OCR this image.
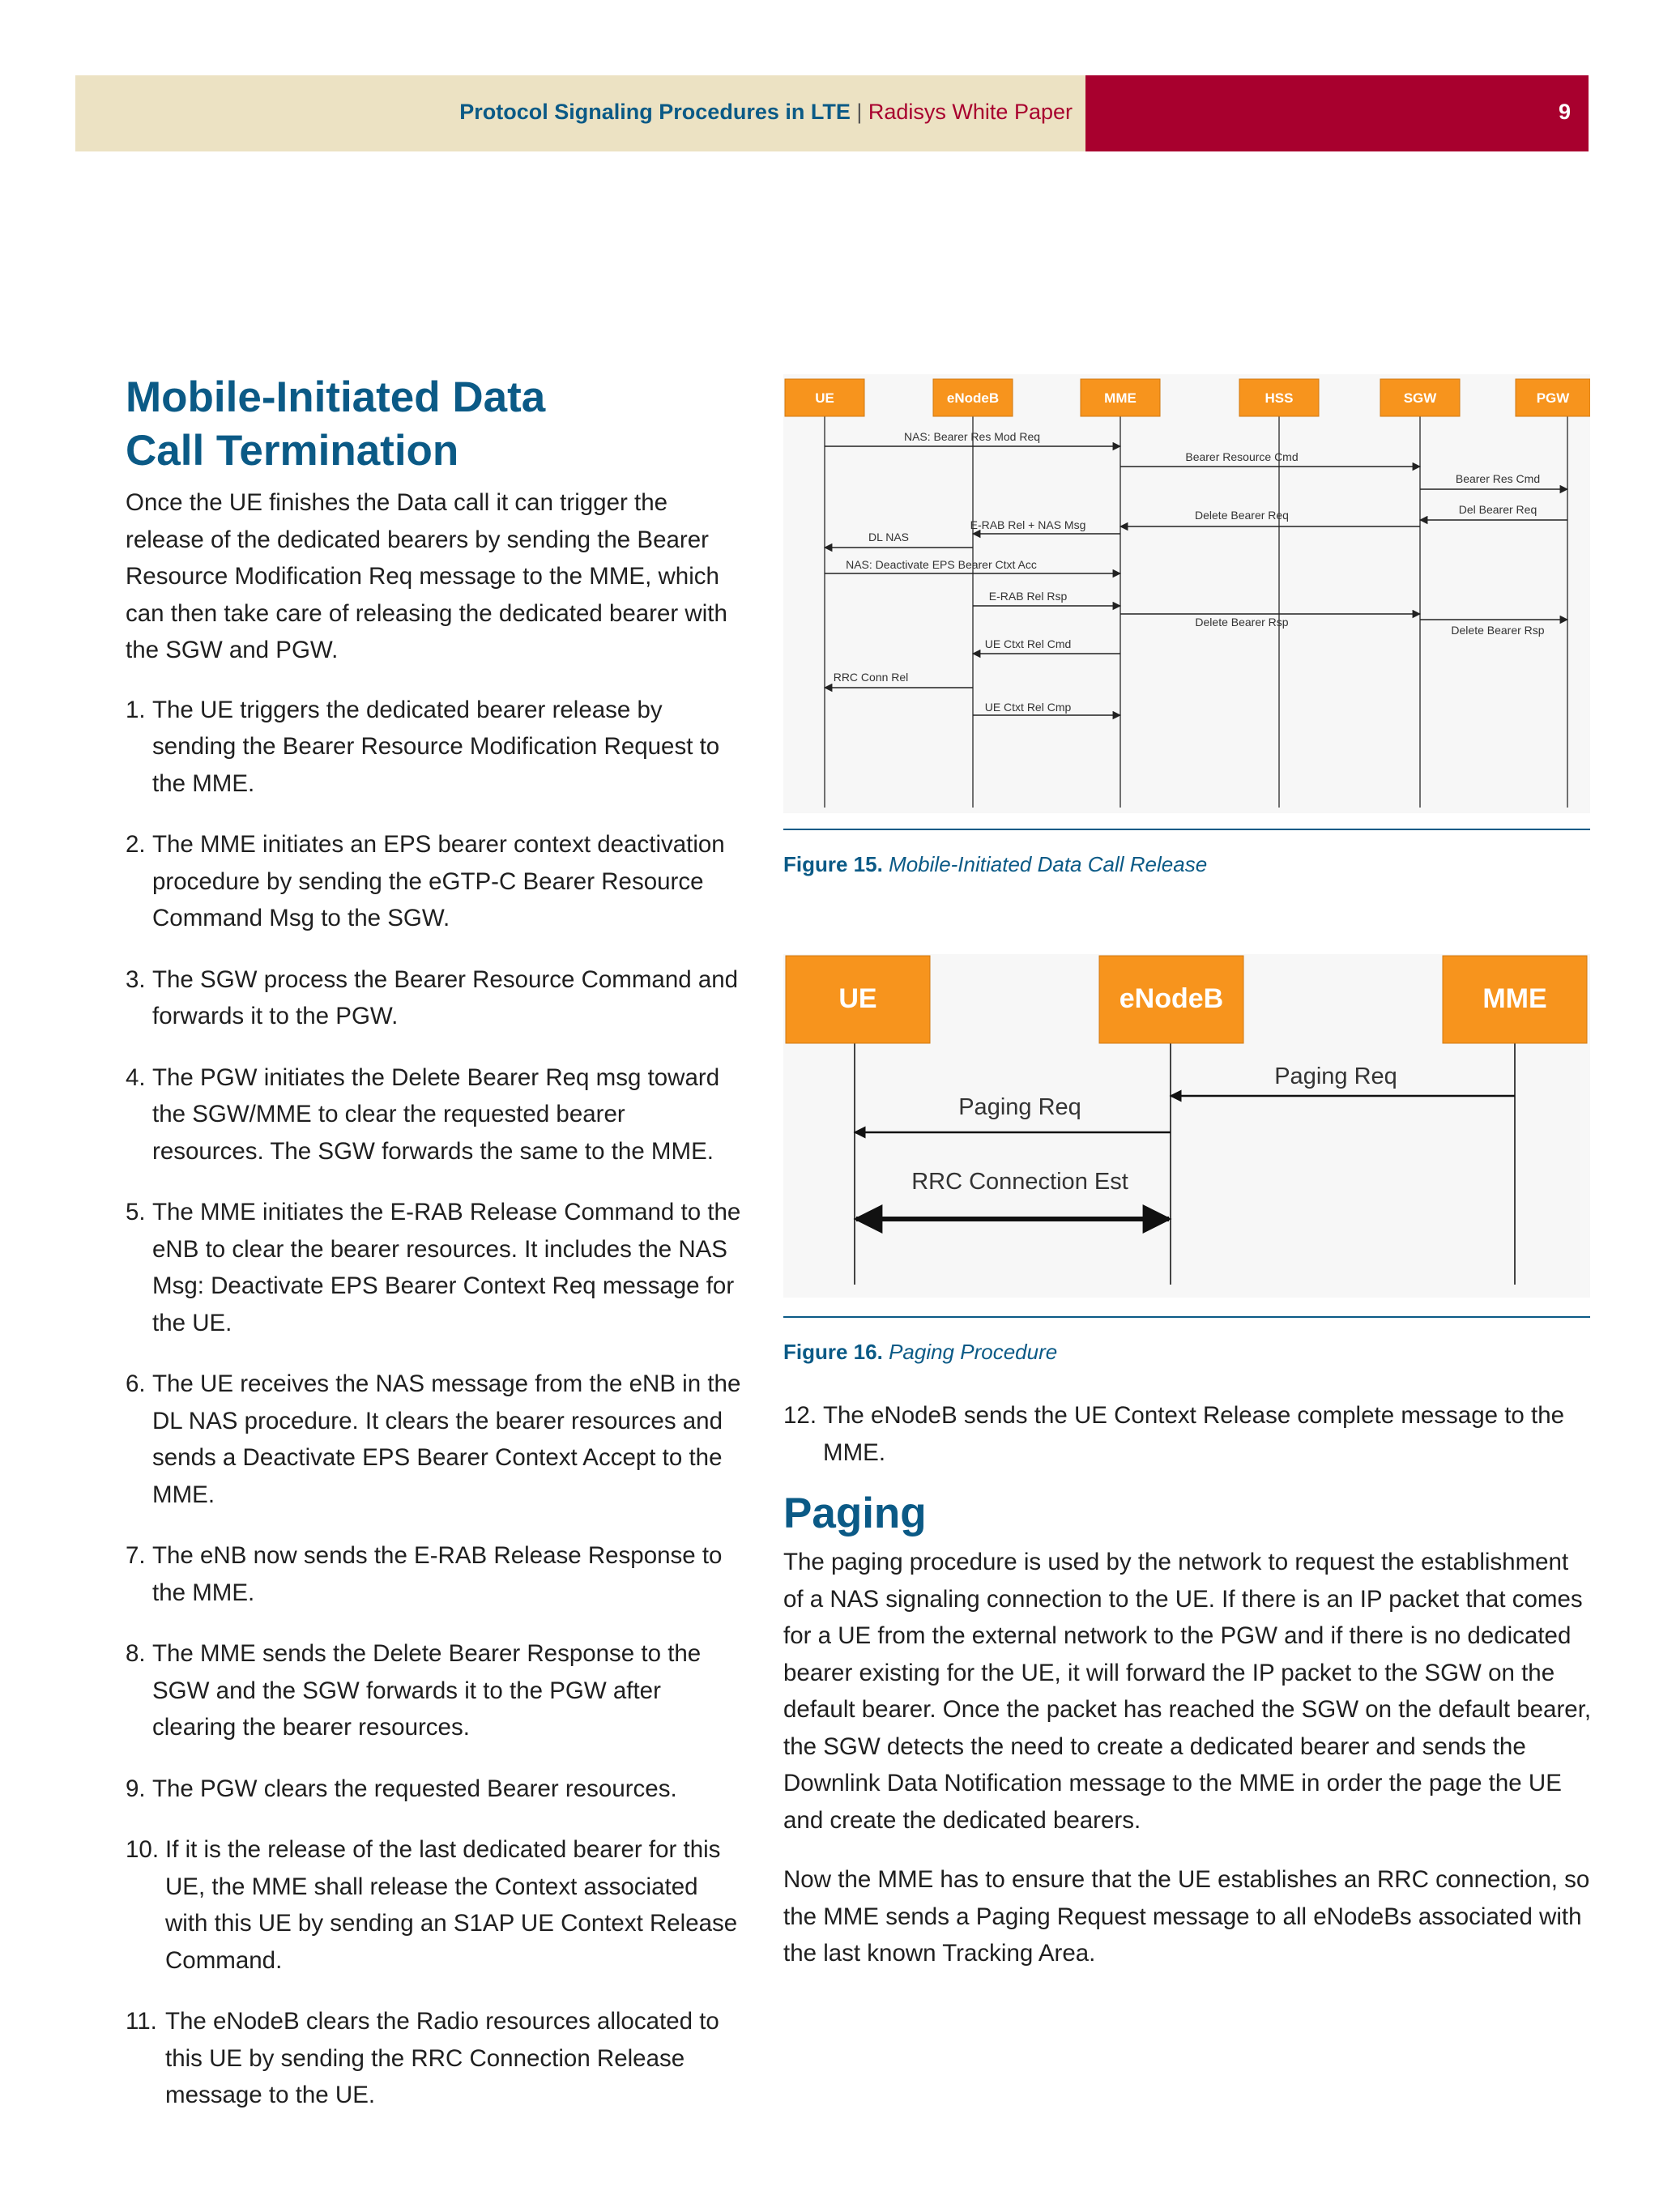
Protocol Signaling Procedures in LTE | Radisys White Paper	9
Mobile-Initiated Data
Call Termination

Once the UE finishes the Data call it can trigger the release of the dedicated bearers by sending the Bearer Resource Modification Req message to the MME, which can then take care of releasing the dedicated bearer with the SGW and PGW.

1. The UE triggers the dedicated bearer release by sending the Bearer Resource Modification Request to the MME.
2. The MME initiates an EPS bearer context deactivation procedure by sending the eGTP-C Bearer Resource Command Msg to the SGW.
3. The SGW process the Bearer Resource Command and forwards it to the PGW.
4. The PGW initiates the Delete Bearer Req msg toward the SGW/MME to clear the requested bearer resources. The SGW forwards the same to the MME.
5. The MME initiates the E-RAB Release Command to the eNB to clear the bearer resources. It includes the NAS Msg: Deactivate EPS Bearer Context Req message for the UE.
6. The UE receives the NAS message from the eNB in the DL NAS procedure. It clears the bearer resources and sends a Deactivate EPS Bearer Context Accept to the MME.
7. The eNB now sends the E-RAB Release Response to the MME.
8. The MME sends the Delete Bearer Response to the SGW and the SGW forwards it to the PGW after clearing the bearer resources.
9. The PGW clears the requested Bearer resources.
10. If it is the release of the last dedicated bearer for this UE, the MME shall release the Context associated with this UE by sending an S1AP UE Context Release Command.
11. The eNodeB clears the Radio resources allocated to this UE by sending the RRC Connection Release message to the UE.
UE	eNodeB	MME	HSS	SGW	PGW
NAS: Bearer Res Mod Req
Bearer Resource Cmd
Bearer Res Cmd
Del Bearer Req
Delete Bearer Req
E-RAB Rel + NAS Msg
DL NAS
NAS: Deactivate EPS Bearer Ctxt Acc
E-RAB Rel Rsp
Delete Bearer Rsp
Delete Bearer Rsp
UE Ctxt Rel Cmd
RRC Conn Rel
UE Ctxt Rel Cmp
Figure 15. Mobile-Initiated Data Call Release
UE	eNodeB	MME
Paging Req
Paging Req
RRC Connection Est
Figure 16. Paging Procedure
12. The eNodeB sends the UE Context Release complete message to the MME.
Paging

The paging procedure is used by the network to request the establishment of a NAS signaling connection to the UE. If there is an IP packet that comes for a UE from the external network to the PGW and if there is no dedicated bearer existing for the UE, it will forward the IP packet to the SGW on the default bearer. Once the packet has reached the SGW on the default bearer, the SGW detects the need to create a dedicated bearer and sends the Downlink Data Notification message to the MME in order the page the UE and create the dedicated bearers.

Now the MME has to ensure that the UE establishes an RRC connection, so the MME sends a Paging Request message to all eNodeBs associated with the last known Tracking Area.
